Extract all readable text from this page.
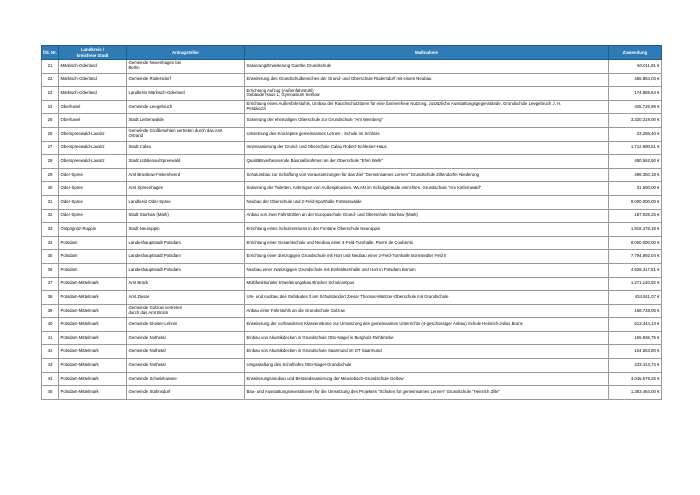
lfd. Nr.	Landkreis /
kreisfreie Stadt	Antragsteller	Maßnahme	Zuwendung

21	Märkisch-Oderland	Gemeinde Neuenhagen bei
Berlin	Sanierung/Erweiterung Goethe Grundschule	50.011,81 €

22	Märkisch-Oderland	Gemeinde Rüdersdorf	Erweiterung des Grundschulbereiches der Grund- und Oberschule Rüdersdorf mit einem Neubau	465.884,03 €

23	Märkisch-Oderland	Landkreis Märkisch-Oderland	Errichtung Aufzug (Außenfahrstuhl)
Gebäude Haus 1, Gymnasium Seelow	174.889,84 €

24	Oberhavel	Gemeinde Leegebruch	Errichtung eines Außenfahrstuhls, Umbau der Rauchschutztüren für eine barrierefreie Nutzung, zusätzliche Ausstattungsgegenstände, Grundschule Leegebruch J. H.
Pestalozzi	425.726,99 €

25	Oberhavel	Stadt Liebenwalde	Sanierung der ehemaligen Oberschule zur Grundschule "Am Weinberg"	3.320.319,00 €

26	Oberspreewald-Lausitz	Gemeinde Großkmehlen vertreten durch das Amt
Ortrand	Umsetzung des Konzeptes gemeinsames Lernen - Schule Im Schloss	23.286,40 €

27	Oberspreewald-Lausitz	Stadt Calau	Innensanierung der Grund- und Oberschule Calau Robert-Schlesier-Haus	1.712.690,51 €

28	Oberspreewald-Lausitz	Stadt Lübbenau/Spreewald	Qualitätsverbessernde Baumaßnahmen an der Oberschule "Ehm Welk"	480.562,50 €

29	Oder-Spree	Amt Brieskow-Finkenheerd	Schulumbau zur Schaffung von Voraussetzungen für das Ziel "Gemeinsames Lernen" Grundschule Ziltendorfer Niederung	498.350,18 €

30	Oder-Spree	Amt Spreenhagen	Sanierung der Toiletten, Anbringen von Außenjalousien, WLAN im Schulgebäude einrichten, Grundschule "Am Kiefernwald"	31.590,00 €

31	Oder-Spree	Landkreis Oder-Spree	Neubau der Oberschule und 2-Feld-Sporthalle Fürstenwalde	8.000.000,00 €

32	Oder-Spree	Stadt Storkow (Mark)	Anbau von zwei Fahrstühlen an der Europaschule Grund- und Oberschule Storkow (Mark)	187.028,25 €

33	Ostprignitz-Ruppin	Stadt Neuruppin	Errichtung eines Schulzentrums in der Fontane Oberschule Neuruppin	1.918.478,18 €

34	Potsdam	Landeshauptstadt Potsdam	Errichtung einer Gesamtschule und Neubau einer 4-Feld-Turnhalle, Pierre de Coubertin	8.000.000,00 €

35	Potsdam	Landeshauptstadt Potsdam	Errichtung einer dreizügigen Grundschule mit Hort und Neubau einer 2-Feld-Turnhalle Bornstedter Feld II	7.794.892,04 €

36	Potsdam	Landeshauptstadt Potsdam	Neubau einer zweizügigen Grundschule mit Einfeldturnhalle und Hort in Potsdam Bornim	4.928.417,81 €

37	Potsdam-Mittelmark	Amt Brück	Multifunktionaler Erweiterungsbau Brücker Schulcampus	1.271.140,92 €

38	Potsdam-Mittelmark	Amt Ziesar	Um- und Ausbau des Gebäudes 3 am Schulstandort Ziesar Thomas-Müntzer-Oberschule mit Grundschule	434.911,07 €

39	Potsdam-Mittelmark	Gemeinde Golzow vertreten
durch das Amt Brück	Anbau einer Fahrstuhls an die Grundschule Golzow	168.728,05 €

40	Potsdam-Mittelmark	Gemeinde Kloster-Lehnin	Erweiterung der vorhandenen Klassenräume zur Umsetzung des gemeinsamen Unterrichts (4-geschossiger Anbau) Schule Heinrich-Julius Bruns	613.444,13 €

41	Potsdam-Mittelmark	Gemeinde Nuthetal	Einbau von Akustikdecken in Grundschule Otto-Nagel in Bergholz-Rehbrücke	165.936,75 €

42	Potsdam-Mittelmark	Gemeinde Nuthetal	Einbau von Akustikdecken in Grundschule Saarmund im OT Saarmund	104.563,80 €

43	Potsdam-Mittelmark	Gemeinde Nuthetal	Umgestaltung des Schulhofes Otto-Nagel-Grundschule	233.413,74 €

44	Potsdam-Mittelmark	Gemeinde Schwielowsee	Erweiterungsneubau und Bestandssanierung der Meusebach-Grundschule Geltow	3.045.579,25 €

45	Potsdam-Mittelmark	Gemeinde Stahnsdorf	Bau- und Ausstattungsinvestitionen für die Umsetzung des Projektes "Schulen für gemeinsames Lernen" Grundschule "Heinrich Zille"	1.383.464,00 €
